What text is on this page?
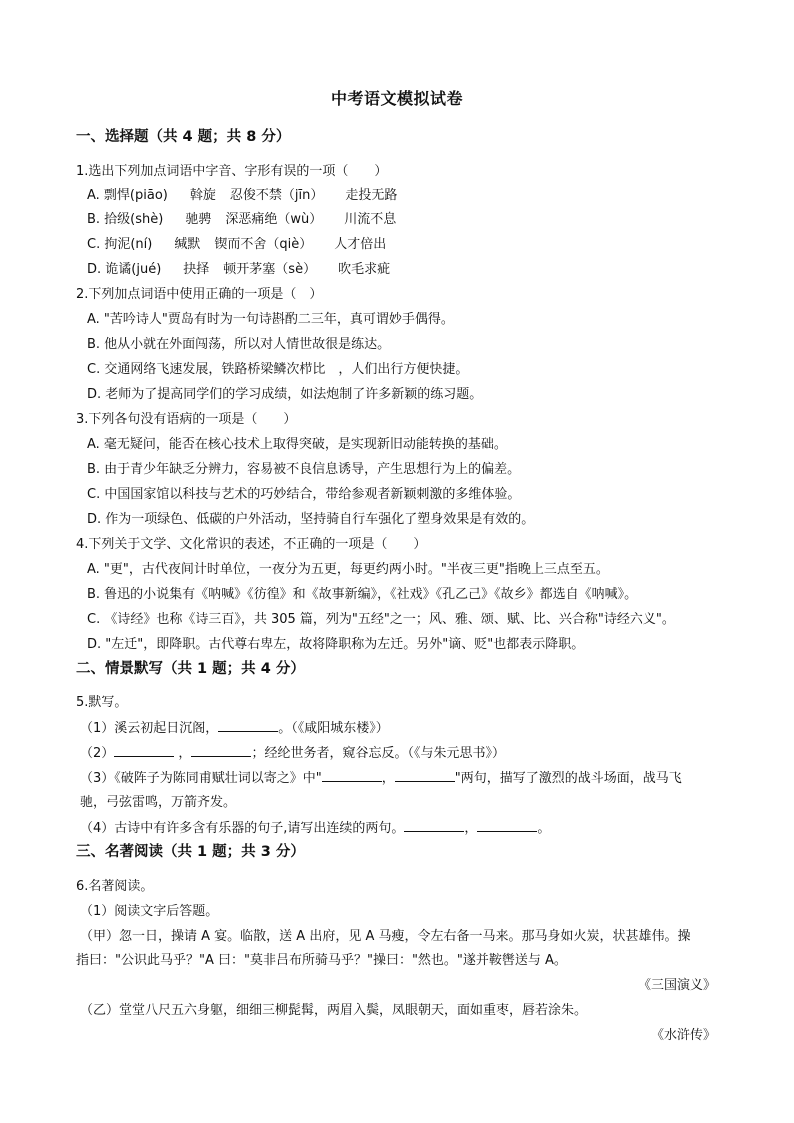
中考语文模拟试卷
一、选择题（共 4 题；共 8 分）
1.选出下列加点词语中字音、字形有误的一项（　　）
A. 剽悍(piāo) 斡旋 忍俊不禁（jīn） 走投无路
B. 拾级(shè) 驰骋 深恶痛绝（wù） 川流不息
C. 拘泥(ní) 缄默 锲而不舍（qiè） 人才倍出
D. 诡谲(jué) 抉择 顿开茅塞（sè） 吹毛求疵
2.下列加点词语中使用正确的一项是（　）
A. "苦吟诗人"贾岛有时为一句诗斟酌二三年，真可谓妙手偶得。
B. 他从小就在外面闯荡，所以对人情世故很是练达。
C. 交通网络飞速发展，铁路桥梁鳞次栉比　，人们出行方便快捷。
D. 老师为了提高同学们的学习成绩，如法炮制了许多新颖的练习题。
3.下列各句没有语病的一项是（　　）
A. 毫无疑问，能否在核心技术上取得突破，是实现新旧动能转换的基础。
B. 由于青少年缺乏分辨力，容易被不良信息诱导，产生思想行为上的偏差。
C. 中国国家馆以科技与艺术的巧妙结合，带给参观者新颖刺激的多维体验。
D. 作为一项绿色、低碳的户外活动，坚持骑自行车强化了塑身效果是有效的。
4.下列关于文学、文化常识的表述，不正确的一项是（　　）
A. "更"，古代夜间计时单位，一夜分为五更，每更约两小时。"半夜三更"指晚上三点至五。
B. 鲁迅的小说集有《呐喊》《彷徨》和《故事新编》，《社戏》《孔乙己》《故乡》都选自《呐喊》。
C. 《诗经》也称《诗三百》，共 305 篇，列为"五经"之一；风、雅、颂、赋、比、兴合称"诗经六义"。
D. "左迁"，即降职。古代尊右卑左，故将降职称为左迁。另外"谪、贬"也都表示降职。
二、情景默写（共 1 题；共 4 分）
5.默写。
（1）溪云初起日沉阁，	。（《咸阳城东楼》）
（2）	，	；经纶世务者，窥谷忘反。（《与朱元思书》）
（3）《破阵子为陈同甫赋壮词以寄之》中"	，	"两句，描写了激烈的战斗场面，战马飞
驰，弓弦雷鸣，万箭齐发。
（4）古诗中有许多含有乐器的句子,请写出连续的两句。	，	。
三、名著阅读（共 1 题；共 3 分）
6.名著阅读。
（1）阅读文字后答题。
（甲）忽一日，操请 A 宴。临散，送 A 出府，见 A 马瘦，令左右备一马来。那马身如火炭，状甚雄伟。操
指曰："公识此马乎？"A 曰："莫非吕布所骑马乎？"操曰："然也。"遂并鞍辔送与 A。
《三国演义》
（乙）堂堂八尺五六身躯，细细三柳髭髯，两眉入鬓，凤眼朝天，面如重枣，唇若涂朱。
《水浒传》
